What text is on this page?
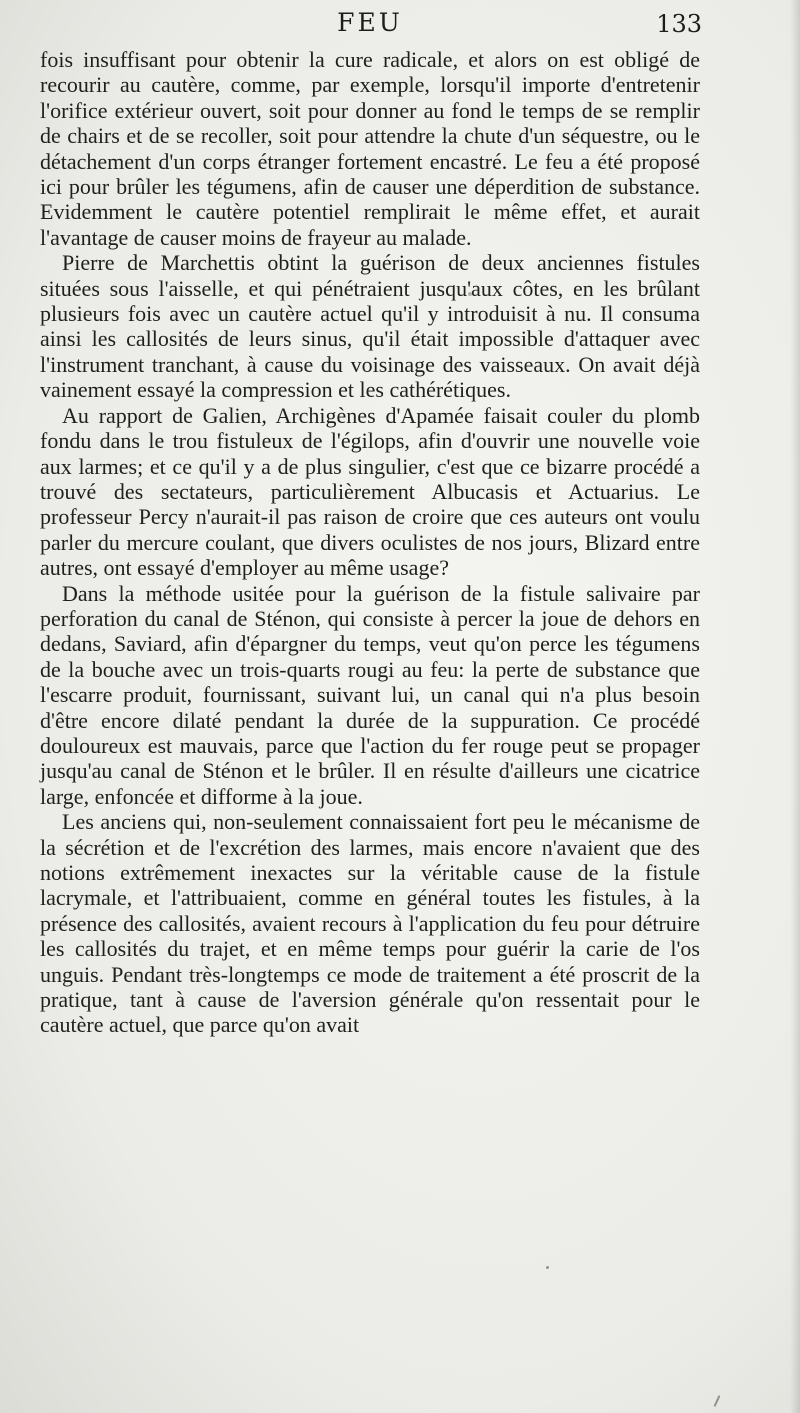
FEU	133

fois insuffisant pour obtenir la cure radicale, et alors on est obligé de recourir au cautère, comme, par exemple, lorsqu'il importe d'entretenir l'orifice extérieur ouvert, soit pour donner au fond le temps de se remplir de chairs et de se recoller, soit pour attendre la chute d'un séquestre, ou le détachement d'un corps étranger fortement encastré. Le feu a été proposé ici pour brûler les tégumens, afin de causer une déperdition de substance. Evidemment le cautère potentiel remplirait le même effet, et aurait l'avantage de causer moins de frayeur au malade.

Pierre de Marchettis obtint la guérison de deux anciennes fistules situées sous l'aisselle, et qui pénétraient jusqu'aux côtes, en les brûlant plusieurs fois avec un cautère actuel qu'il y introduisit à nu. Il consuma ainsi les callosités de leurs sinus, qu'il était impossible d'attaquer avec l'instrument tranchant, à cause du voisinage des vaisseaux. On avait déjà vainement essayé la compression et les cathérétiques.

Au rapport de Galien, Archigènes d'Apamée faisait couler du plomb fondu dans le trou fistuleux de l'égilops, afin d'ouvrir une nouvelle voie aux larmes; et ce qu'il y a de plus singulier, c'est que ce bizarre procédé a trouvé des sectateurs, particulièrement Albucasis et Actuarius. Le professeur Percy n'aurait-il pas raison de croire que ces auteurs ont voulu parler du mercure coulant, que divers oculistes de nos jours, Blizard entre autres, ont essayé d'employer au même usage?

Dans la méthode usitée pour la guérison de la fistule salivaire par perforation du canal de Sténon, qui consiste à percer la joue de dehors en dedans, Saviard, afin d'épargner du temps, veut qu'on perce les tégumens de la bouche avec un trois-quarts rougi au feu: la perte de substance que l'escarre produit, fournissant, suivant lui, un canal qui n'a plus besoin d'être encore dilaté pendant la durée de la suppuration. Ce procédé douloureux est mauvais, parce que l'action du fer rouge peut se propager jusqu'au canal de Sténon et le brûler. Il en résulte d'ailleurs une cicatrice large, enfoncée et difforme à la joue.

Les anciens qui, non-seulement connaissaient fort peu le mécanisme de la sécrétion et de l'excrétion des larmes, mais encore n'avaient que des notions extrêmement inexactes sur la véritable cause de la fistule lacrymale, et l'attribuaient, comme en général toutes les fistules, à la présence des callosités, avaient recours à l'application du feu pour détruire les callosités du trajet, et en même temps pour guérir la carie de l'os unguis. Pendant très-longtemps ce mode de traitement a été proscrit de la pratique, tant à cause de l'aversion générale qu'on ressentait pour le cautère actuel, que parce qu'on avait
